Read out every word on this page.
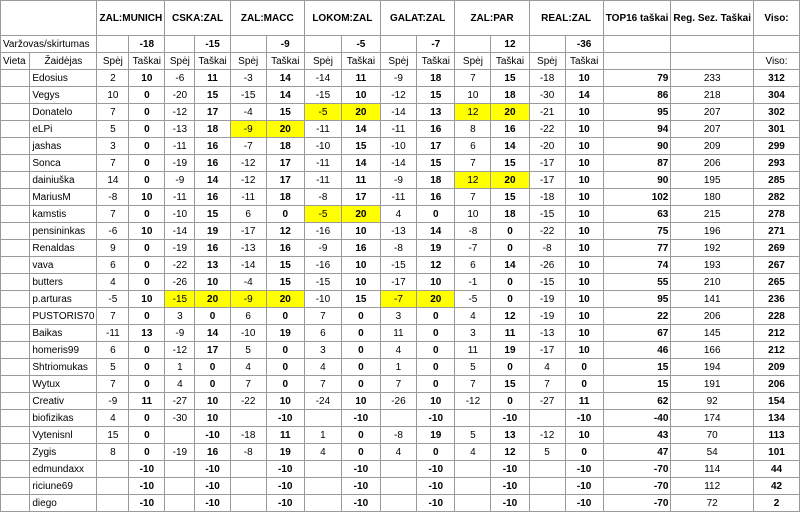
		ZAL:MUNICH		CSKA:ZAL		ZAL:MACC		LOKOM:ZAL		GALAT:ZAL		ZAL:PAR		REAL:ZAL		TOP16 taškai	Reg. Sez. Taškai	Viso:
Varžovas/skirtumas			-18		-15		-9		-5		-7		12		-36			
Vieta	Žaidėjas	Spėj	Taškai	Spėj	Taškai	Spėj	Taškai	Spėj	Taškai	Spėj	Taškai	Spėj	Taškai	Spėj	Taškai			Viso:
	Edosius	2	10	-6	11	-3	14	-14	11	-9	18	7	15	-18	10	79	233	312
	Vegys	10	0	-20	15	-15	14	-15	10	-12	15	10	18	-30	14	86	218	304
	Donatelo	7	0	-12	17	-4	15	-5	20	-14	13	12	20	-21	10	95	207	302
	eLPi	5	0	-13	18	-9	20	-11	14	-11	16	8	16	-22	10	94	207	301
	jashas	3	0	-11	16	-7	18	-10	15	-10	17	6	14	-20	10	90	209	299
	Sonca	7	0	-19	16	-12	17	-11	14	-14	15	7	15	-17	10	87	206	293
	dainiuška	14	0	-9	14	-12	17	-11	11	-9	18	12	20	-17	10	90	195	285
	MariusM	-8	10	-11	16	-11	18	-8	17	-11	16	7	15	-18	10	102	180	282
	kamstis	7	0	-10	15	6	0	-5	20	4	0	10	18	-15	10	63	215	278
	pensininkas	-6	10	-14	19	-17	12	-16	10	-13	14	-8	0	-22	10	75	196	271
	Renaldas	9	0	-19	16	-13	16	-9	16	-8	19	-7	0	-8	10	77	192	269
	vava	6	0	-22	13	-14	15	-16	10	-15	12	6	14	-26	10	74	193	267
	butters	4	0	-26	10	-4	15	-15	10	-17	10	-1	0	-15	10	55	210	265
	p.arturas	-5	10	-15	20	-9	20	-10	15	-7	20	-5	0	-19	10	95	141	236
	PUSTORIS70	7	0	3	0	6	0	7	0	3	0	4	12	-19	10	22	206	228
	Baikas	-11	13	-9	14	-10	19	6	0	11	0	3	11	-13	10	67	145	212
	homeris99	6	0	-12	17	5	0	3	0	4	0	11	19	-17	10	46	166	212
	Shtriomukas	5	0	1	0	4	0	4	0	1	0	5	0	4	0	15	194	209
	Wytux	7	0	4	0	7	0	7	0	7	0	7	15	7	0	15	191	206
	Creativ	-9	11	-27	10	-22	10	-24	10	-26	10	-12	0	-27	11	62	92	154
	biofizikas	4	0	-30	10		-10		-10		-10		-10		-10	-40	174	134
	Vytenisnl	15	0		-10	-18	11	1	0	-8	19	5	13	-12	10	43	70	113
	Zygis	8	0	-19	16	-8	19	4	0	4	0	4	12	5	0	47	54	101
	edmundaxx		-10		-10		-10		-10		-10		-10		-10	-70	114	44
	riciune69		-10		-10		-10		-10		-10		-10		-10	-70	112	42
	diego		-10		-10		-10		-10		-10		-10		-10	-70	72	2
